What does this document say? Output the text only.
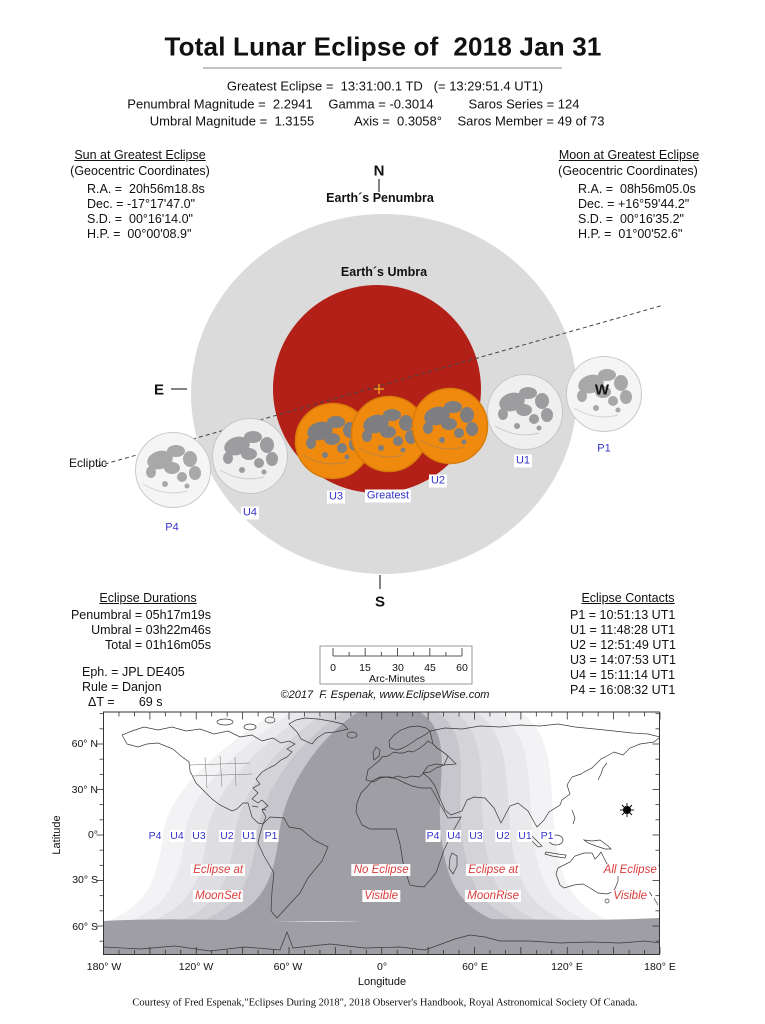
Total Lunar Eclipse of  2018 Jan 31
Greatest Eclipse =  13:31:00.1 TD   (= 13:29:51.4 UT1)
Penumbral Magnitude =  2.2941 Gamma = -0.3014	Saros Series = 124
Umbral Magnitude =  1.3155	Axis =  0.3058° Saros Member = 49 of 73
Sun at Greatest Eclipse
(Geocentric Coordinates)
R.A. =  20h56m18.8s
Dec. = -17°17'47.0"
S.D. =  00°16'14.0"
H.P. =  00°00'08.9"
Moon at Greatest Eclipse
(Geocentric Coordinates)
R.A. =  08h56m05.0s
Dec. = +16°59'44.2"
S.D. =  00°16'35.2"
H.P. =  01°00'52.6"
N
Earth´s Penumbra
Earth´s Umbra
E	W
S
Ecliptic
P1
U1
U2
Greatest
U3
U4
P4
Eclipse Durations
Penumbral = 05h17m19s
Umbral = 03h22m46s
Total = 01h16m05s
Eph. = JPL DE405
Rule = Danjon
ΔT =       69 s
Eclipse Contacts
P1 = 10:51:13 UT1
U1 = 11:48:28 UT1
U2 = 12:51:49 UT1
U3 = 14:07:53 UT1
U4 = 15:11:14 UT1
P4 = 16:08:32 UT1
0 15 30 45 60
Arc-Minutes
©2017  F. Espenak, www.EclipseWise.com
60° N
30° N
0°
30° S
60° S
Latitude
180° W	120° W	60° W	0°	60° E	120° E	180° E
Longitude
P4 U4 U3 U2 U1 P1	P4 U4 U3 U2 U1 P1

Eclipse at

MoonSet

No Eclipse

Visible

Eclipse at

MoonRise

All Eclipse

Visible

Courtesy of Fred Espenak,"Eclipses During 2018", 2018 Observer's Handbook, Royal Astronomical Society Of Canada.
